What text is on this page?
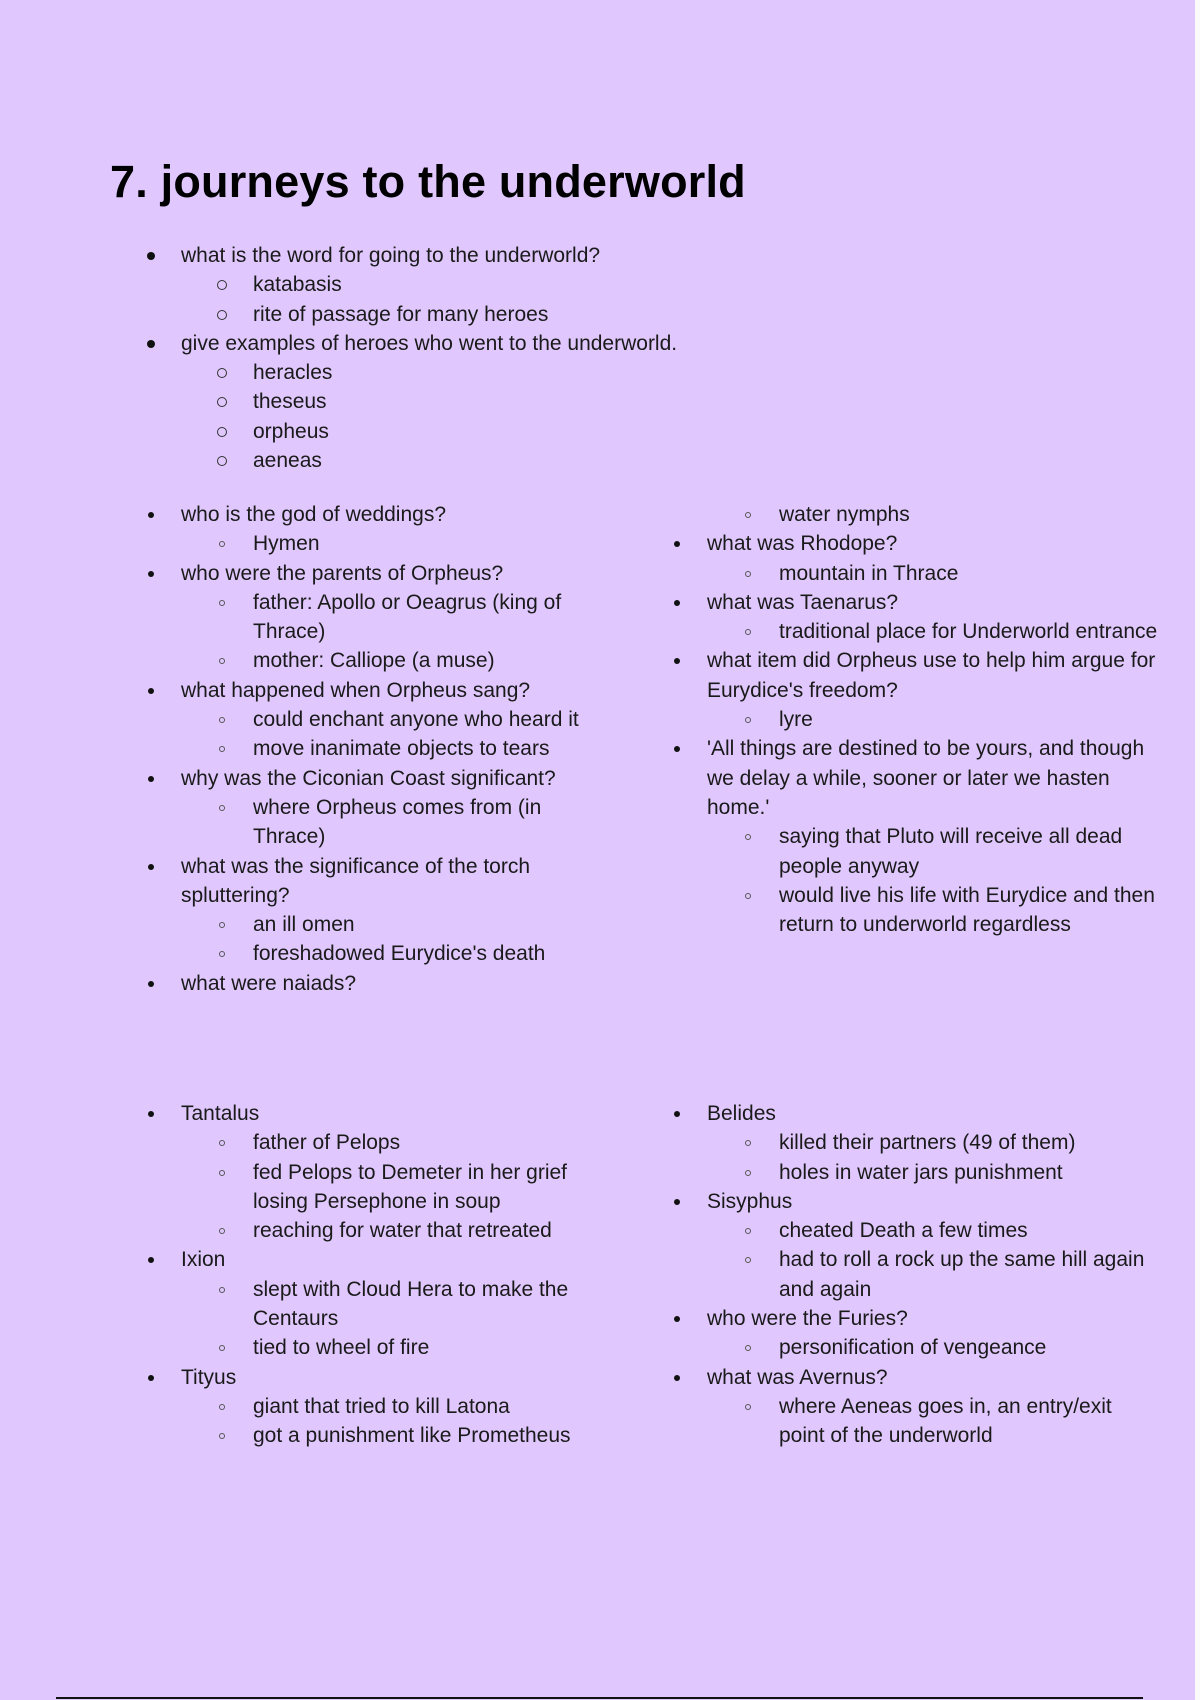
7. journeys to the underworld
what is the word for going to the underworld?
katabasis
rite of passage for many heroes
give examples of heroes who went to the underworld.
heracles
theseus
orpheus
aeneas
who is the god of weddings?
Hymen
who were the parents of Orpheus?
father: Apollo or Oeagrus (king of Thrace)
mother: Calliope (a muse)
what happened when Orpheus sang?
could enchant anyone who heard it
move inanimate objects to tears
why was the Ciconian Coast significant?
where Orpheus comes from (in Thrace)
what was the significance of the torch spluttering?
an ill omen
foreshadowed Eurydice's death
what were naiads?
water nymphs
what was Rhodope?
mountain in Thrace
what was Taenarus?
traditional place for Underworld entrance
what item did Orpheus use to help him argue for Eurydice's freedom?
lyre
'All things are destined to be yours, and though we delay a while, sooner or later we hasten home.'
saying that Pluto will receive all dead people anyway
would live his life with Eurydice and then return to underworld regardless
Tantalus
father of Pelops
fed Pelops to Demeter in her grief losing Persephone in soup
reaching for water that retreated
Ixion
slept with Cloud Hera to make the Centaurs
tied to wheel of fire
Tityus
giant that tried to kill Latona
got a punishment like Prometheus
Belides
killed their partners (49 of them)
holes in water jars punishment
Sisyphus
cheated Death a few times
had to roll a rock up the same hill again and again
who were the Furies?
personification of vengeance
what was Avernus?
where Aeneas goes in, an entry/exit point of the underworld
